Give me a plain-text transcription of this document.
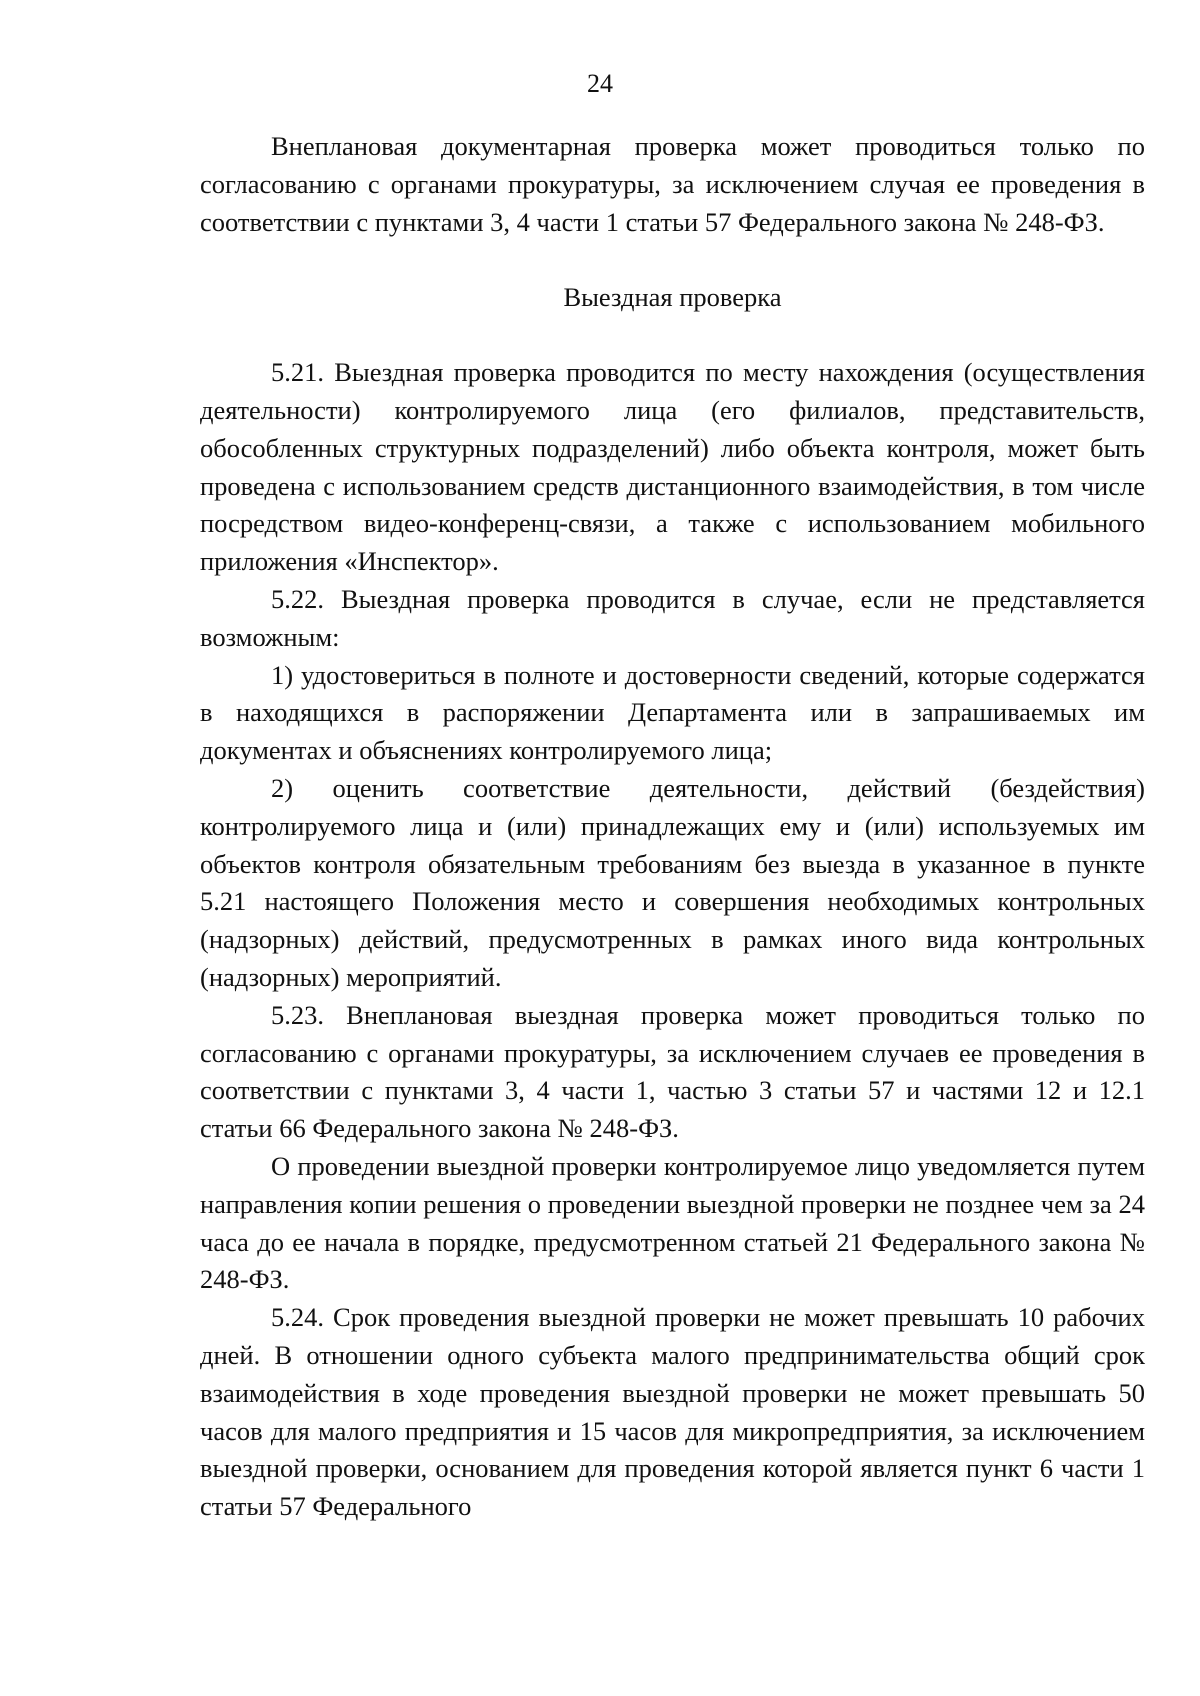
24

Внеплановая документарная проверка может проводиться только по согласованию с органами прокуратуры, за исключением случая ее проведения в соответствии с пунктами 3, 4 части 1 статьи 57 Федерального закона № 248-ФЗ.

Выездная проверка

5.21. Выездная проверка проводится по месту нахождения (осуществления деятельности) контролируемого лица (его филиалов, представительств, обособленных структурных подразделений) либо объекта контроля, может быть проведена с использованием средств дистанционного взаимодействия, в том числе посредством видео-конференц-связи, а также с использованием мобильного приложения «Инспектор».

5.22. Выездная проверка проводится в случае, если не представляется возможным:

1) удостовериться в полноте и достоверности сведений, которые содержатся в находящихся в распоряжении Департамента или в запрашиваемых им документах и объяснениях контролируемого лица;

2) оценить соответствие деятельности, действий (бездействия) контролируемого лица и (или) принадлежащих ему и (или) используемых им объектов контроля обязательным требованиям без выезда в указанное в пункте 5.21 настоящего Положения место и совершения необходимых контрольных (надзорных) действий, предусмотренных в рамках иного вида контрольных (надзорных) мероприятий.

5.23. Внеплановая выездная проверка может проводиться только по согласованию с органами прокуратуры, за исключением случаев ее проведения в соответствии с пунктами 3, 4 части 1, частью 3 статьи 57 и частями 12 и 12.1 статьи 66 Федерального закона № 248-ФЗ.

О проведении выездной проверки контролируемое лицо уведомляется путем направления копии решения о проведении выездной проверки не позднее чем за 24 часа до ее начала в порядке, предусмотренном статьей 21 Федерального закона № 248-ФЗ.

5.24. Срок проведения выездной проверки не может превышать 10 рабочих дней. В отношении одного субъекта малого предпринимательства общий срок взаимодействия в ходе проведения выездной проверки не может превышать 50 часов для малого предприятия и 15 часов для микропредприятия, за исключением выездной проверки, основанием для проведения которой является пункт 6 части 1 статьи 57 Федерального
